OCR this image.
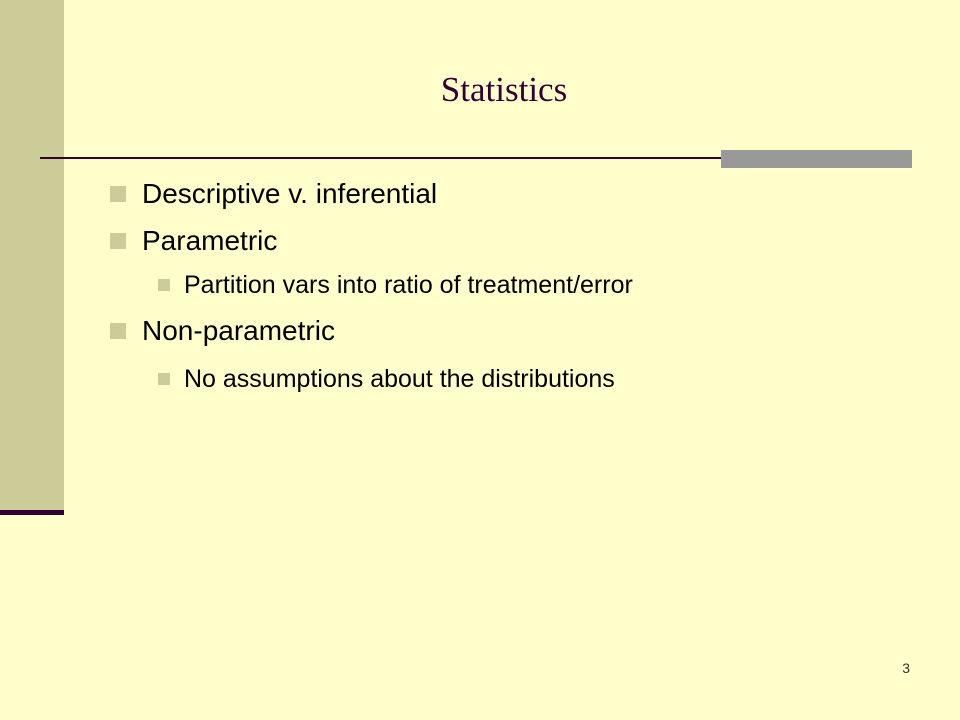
Statistics
Descriptive v. inferential
Parametric
Partition vars into ratio of treatment/error
Non-parametric
No assumptions about the distributions
3
